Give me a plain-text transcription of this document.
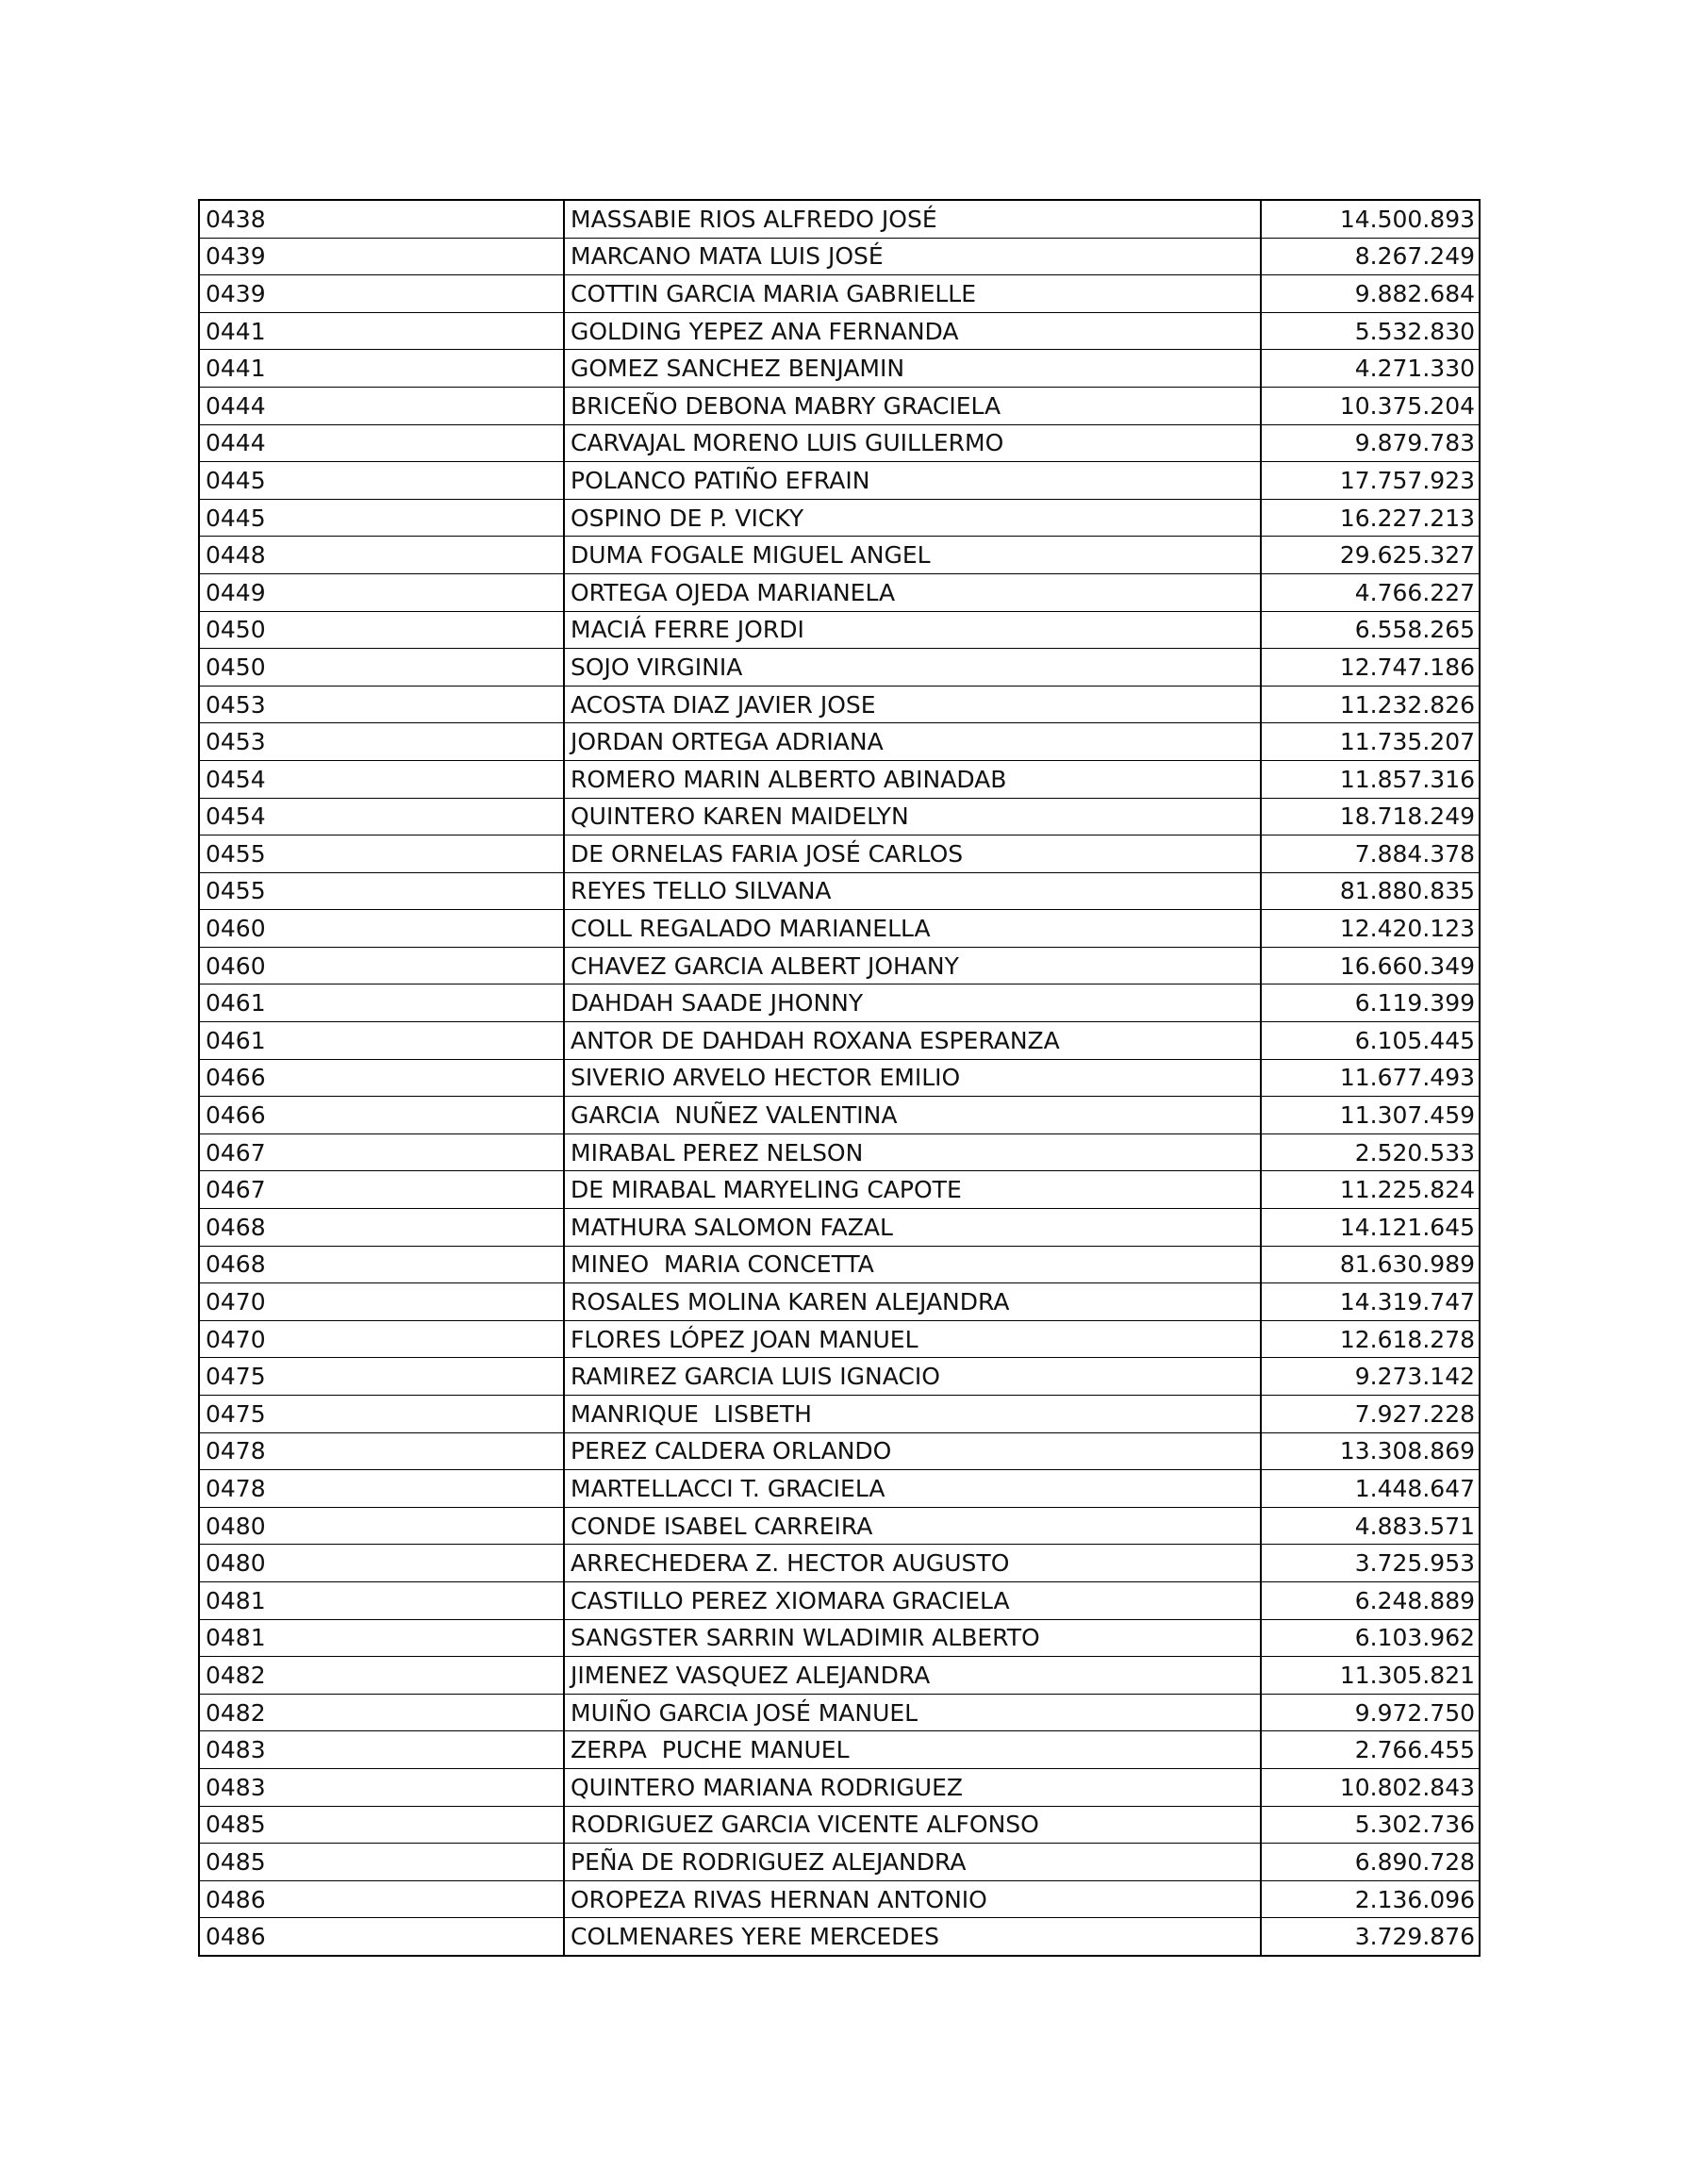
0438	MASSABIE RIOS ALFREDO JOSÉ	14.500.893
0439	MARCANO MATA LUIS JOSÉ	8.267.249
0439	COTTIN GARCIA MARIA GABRIELLE	9.882.684
0441	GOLDING YEPEZ ANA FERNANDA	5.532.830
0441	GOMEZ SANCHEZ BENJAMIN	4.271.330
0444	BRICEÑO DEBONA MABRY GRACIELA	10.375.204
0444	CARVAJAL MORENO LUIS GUILLERMO	9.879.783
0445	POLANCO PATIÑO EFRAIN	17.757.923
0445	OSPINO DE P. VICKY	16.227.213
0448	DUMA FOGALE MIGUEL ANGEL	29.625.327
0449	ORTEGA OJEDA MARIANELA	4.766.227
0450	MACIÁ FERRE JORDI	6.558.265
0450	SOJO VIRGINIA	12.747.186
0453	ACOSTA DIAZ JAVIER JOSE	11.232.826
0453	JORDAN ORTEGA ADRIANA	11.735.207
0454	ROMERO MARIN ALBERTO ABINADAB	11.857.316
0454	QUINTERO KAREN MAIDELYN	18.718.249
0455	DE ORNELAS FARIA JOSÉ CARLOS	7.884.378
0455	REYES TELLO SILVANA	81.880.835
0460	COLL REGALADO MARIANELLA	12.420.123
0460	CHAVEZ GARCIA ALBERT JOHANY	16.660.349
0461	DAHDAH SAADE JHONNY	6.119.399
0461	ANTOR DE DAHDAH ROXANA ESPERANZA	6.105.445
0466	SIVERIO ARVELO HECTOR EMILIO	11.677.493
0466	GARCIA  NUÑEZ VALENTINA	11.307.459
0467	MIRABAL PEREZ NELSON	2.520.533
0467	DE MIRABAL MARYELING CAPOTE	11.225.824
0468	MATHURA SALOMON FAZAL	14.121.645
0468	MINEO  MARIA CONCETTA	81.630.989
0470	ROSALES MOLINA KAREN ALEJANDRA	14.319.747
0470	FLORES LÓPEZ JOAN MANUEL	12.618.278
0475	RAMIREZ GARCIA LUIS IGNACIO	9.273.142
0475	MANRIQUE  LISBETH	7.927.228
0478	PEREZ CALDERA ORLANDO	13.308.869
0478	MARTELLACCI T. GRACIELA	1.448.647
0480	CONDE ISABEL CARREIRA	4.883.571
0480	ARRECHEDERA Z. HECTOR AUGUSTO	3.725.953
0481	CASTILLO PEREZ XIOMARA GRACIELA	6.248.889
0481	SANGSTER SARRIN WLADIMIR ALBERTO	6.103.962
0482	JIMENEZ VASQUEZ ALEJANDRA	11.305.821
0482	MUIÑO GARCIA JOSÉ MANUEL	9.972.750
0483	ZERPA  PUCHE MANUEL	2.766.455
0483	QUINTERO MARIANA RODRIGUEZ	10.802.843
0485	RODRIGUEZ GARCIA VICENTE ALFONSO	5.302.736
0485	PEÑA DE RODRIGUEZ ALEJANDRA	6.890.728
0486	OROPEZA RIVAS HERNAN ANTONIO	2.136.096
0486	COLMENARES YERE MERCEDES	3.729.876
